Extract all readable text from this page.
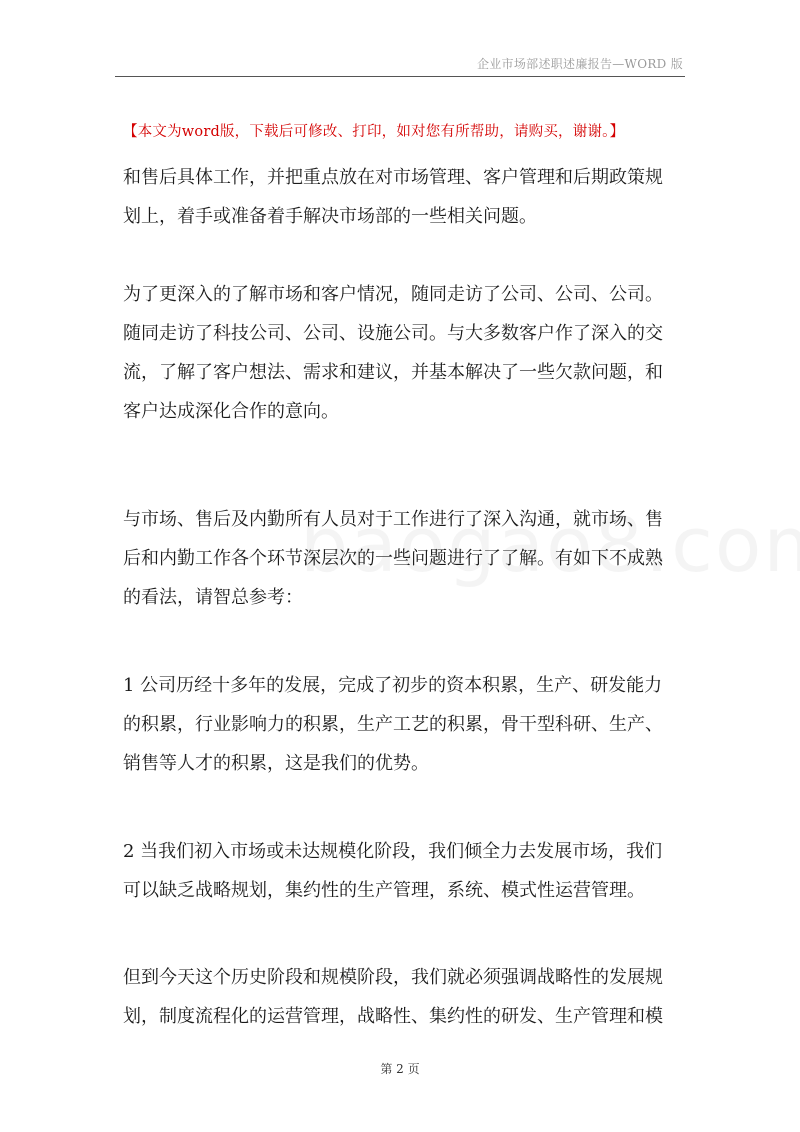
企业市场部述职述廉报告—WORD 版
【本文为word版，下载后可修改、打印，如对您有所帮助，请购买，谢谢。】

和售后具体工作，并把重点放在对市场管理、客户管理和后期政策规

划上，着手或准备着手解决市场部的一些相关问题。

为了更深入的了解市场和客户情况，随同走访了公司、公司、公司。

随同走访了科技公司、公司、设施公司。与大多数客户作了深入的交

流，了解了客户想法、需求和建议，并基本解决了一些欠款问题，和

客户达成深化合作的意向。

与市场、售后及内勤所有人员对于工作进行了深入沟通，就市场、售

后和内勤工作各个环节深层次的一些问题进行了了解。有如下不成熟

的看法，请智总参考：

1 公司历经十多年的发展，完成了初步的资本积累，生产、研发能力

的积累，行业影响力的积累，生产工艺的积累，骨干型科研、生产、

销售等人才的积累，这是我们的优势。

2 当我们初入市场或未达规模化阶段，我们倾全力去发展市场，我们

可以缺乏战略规划，集约性的生产管理，系统、模式性运营管理。

但到今天这个历史阶段和规模阶段，我们就必须强调战略性的发展规

划，制度流程化的运营管理，战略性、集约性的研发、生产管理和模

第 2 页
